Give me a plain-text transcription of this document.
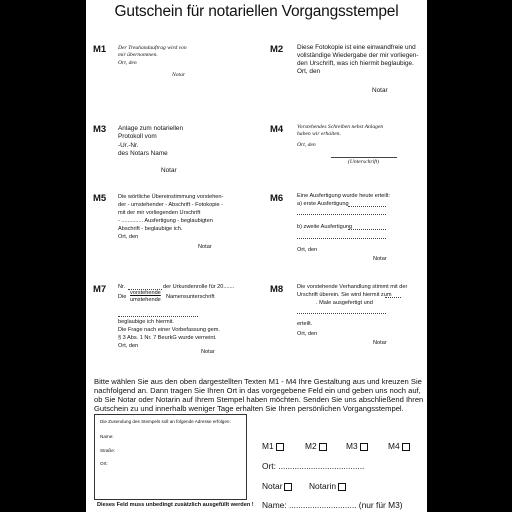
Gutschein für notariellen Vorgangsstempel
M1 Der Treuhandauftrag wird von
mir übernommen.
Ort, den
Notar
M2 Diese Fotokopie ist eine einwandfreie und
vollständige Wiedergabe der mir vorliegen-
den Urschrift, was ich hiermit beglaubige.
Ort, den
Notar
M3 Anlage zum notariellen
Protokoll vom
-Ur.-Nr.
des Notars Name
Notar
M4 Vorstehendes Schreiben nebst Anlagen
haben wir erhalten.
Ort, den
(Unterschrift)
M5 Die wörtliche Übereinstimmung vorstehen-
der - umstehender - Abschrift - Fotokopie -
mit der mir vorliegenden Urschrift
- .............. Ausfertigung - beglaubigten
Abschrift - beglaubige ich.
Ort, den
Notar
M6 Eine Ausfertigung wurde heute erteilt:
a) erste Ausfertigung
b) zweite Ausfertigung
Ort, den
Notar
M7 Nr.	der Urkundenrolle für 20.......
Die
vorstehende
umstehende Namensunterschrift
beglaubige ich hiermit.
Die Frage nach einer Vorbefassung gem.
§ 3 Abs. 1 Nr. 7 BeurkG wurde verneint.
Ort, den
Notar
M8 Die vorstehende Verhandlung stimmt mit der
Urschrift überein. Sie wird hiermit zum
. Male ausgefertigt und
erteilt.
Ort, den
Notar
Bitte wählen Sie aus den oben dargestellten Texten M1 - M4 Ihre Gestaltung aus und kreuzen Sie nachfolgend an. Dann tragen Sie Ihren Ort in das vorgegebene Feld ein und geben uns noch auf, ob Sie Notar oder Notarin auf Ihrem Stempel haben möchten. Senden Sie uns abschließend Ihren Gutschein zu und innerhalb weniger Tage erhalten Sie Ihren persönlichen Vorgangsstempel.
Die Zusendung des Stempels soll an folgende Adresse erfolgen:
Name:
Straße:
Ort:
Dieses Feld muss unbedingt zusätzlich ausgefüllt werden !
M1	M2	M3	M4
Ort: .....................................
Notar	Notarin
Name: ............................. (nur für M3)
